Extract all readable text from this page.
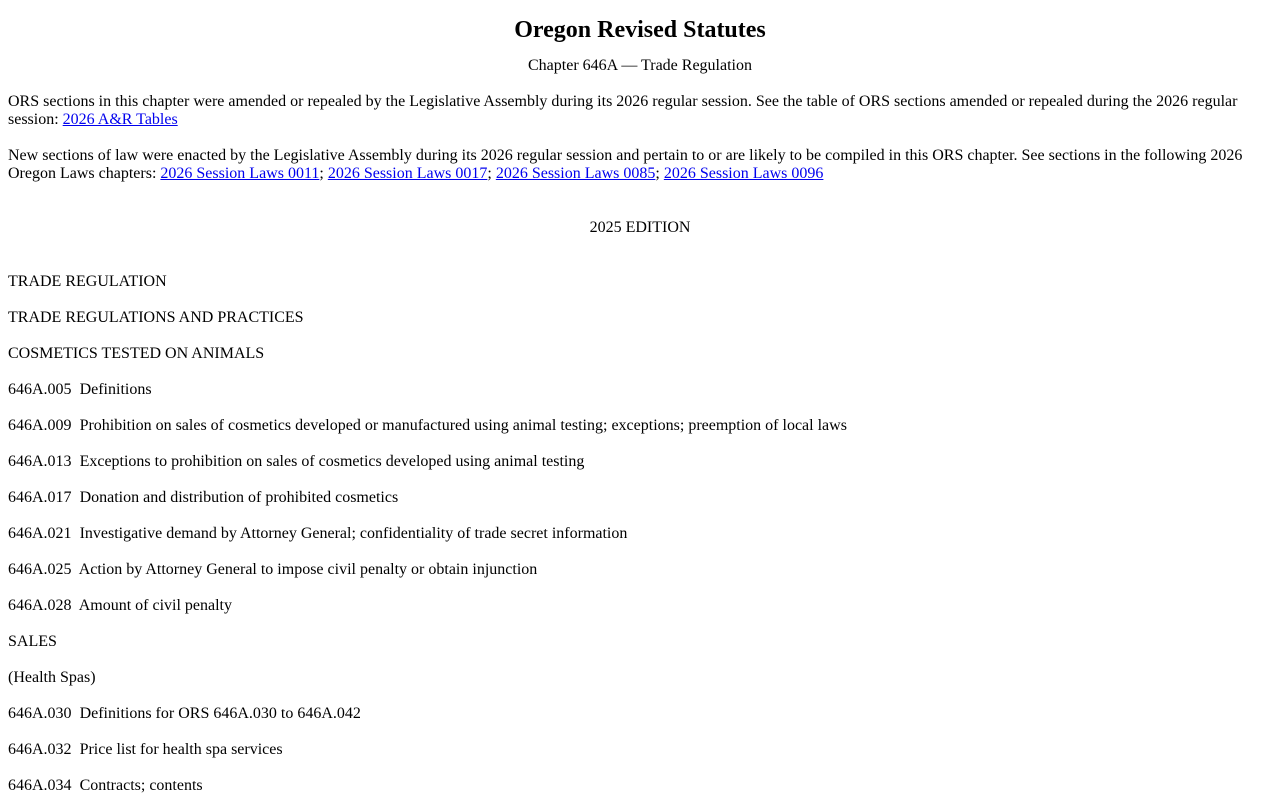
Oregon Revised Statutes

Chapter 646A — Trade Regulation

ORS sections in this chapter were amended or repealed by the Legislative Assembly during its 2026 regular session. See the table of ORS sections amended or repealed during the 2026 regular session: 2026 A&R Tables

New sections of law were enacted by the Legislative Assembly during its 2026 regular session and pertain to or are likely to be compiled in this ORS chapter. See sections in the following 2026 Oregon Laws chapters: 2026 Session Laws 0011; 2026 Session Laws 0017; 2026 Session Laws 0085; 2026 Session Laws 0096

2025 EDITION

TRADE REGULATION

TRADE REGULATIONS AND PRACTICES

COSMETICS TESTED ON ANIMALS

646A.005 Definitions

646A.009 Prohibition on sales of cosmetics developed or manufactured using animal testing; exceptions; preemption of local laws

646A.013 Exceptions to prohibition on sales of cosmetics developed using animal testing

646A.017 Donation and distribution of prohibited cosmetics

646A.021 Investigative demand by Attorney General; confidentiality of trade secret information

646A.025 Action by Attorney General to impose civil penalty or obtain injunction

646A.028 Amount of civil penalty

SALES

(Health Spas)

646A.030 Definitions for ORS 646A.030 to 646A.042

646A.032 Price list for health spa services

646A.034 Contracts; contents
